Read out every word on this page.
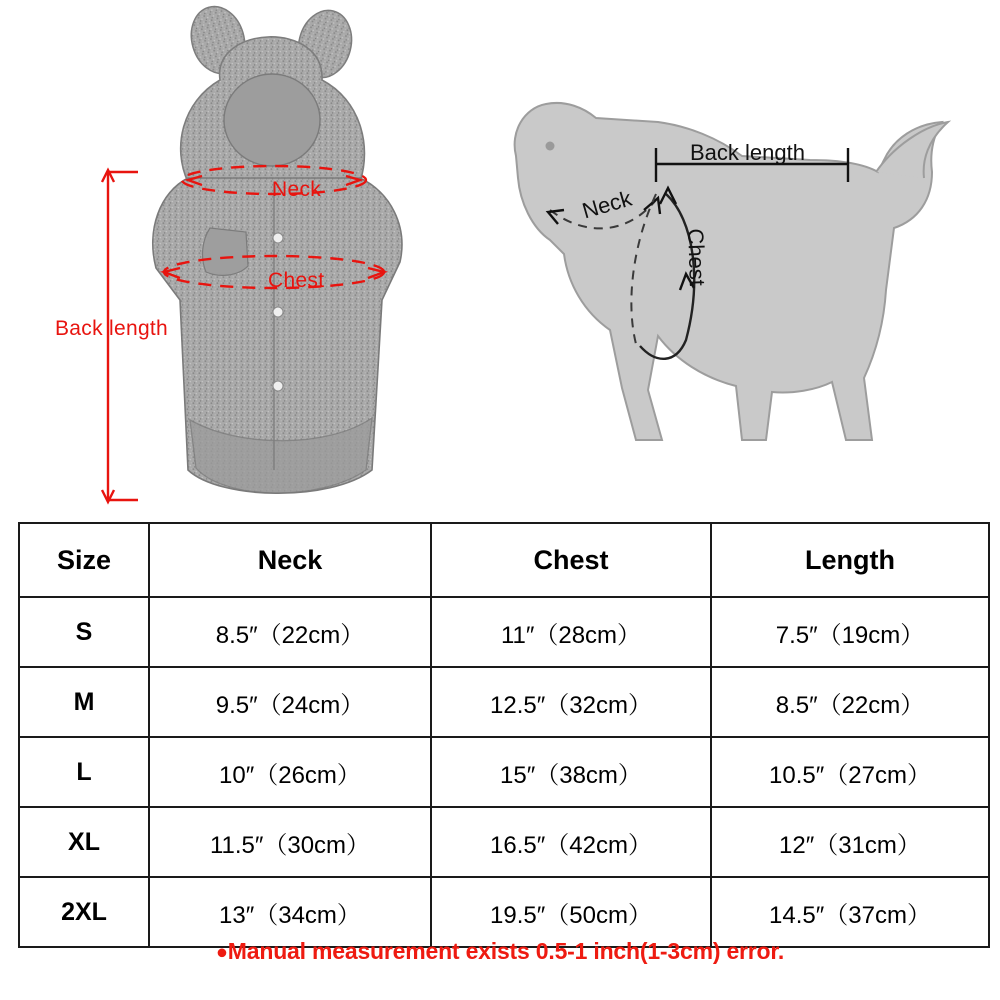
Neck
Chest
Back length
Back length
Neck
Chest
Size	Neck	Chest	Length
S	8.5″（22cm）	11″（28cm）	7.5″（19cm）
M	9.5″（24cm）	12.5″（32cm）	8.5″（22cm）
L	10″（26cm）	15″（38cm）	10.5″（27cm）
XL	11.5″（30cm）	16.5″（42cm）	12″（31cm）
2XL	13″（34cm）	19.5″（50cm）	14.5″（37cm）
●Manual measurement exists 0.5-1 inch(1-3cm) error.
